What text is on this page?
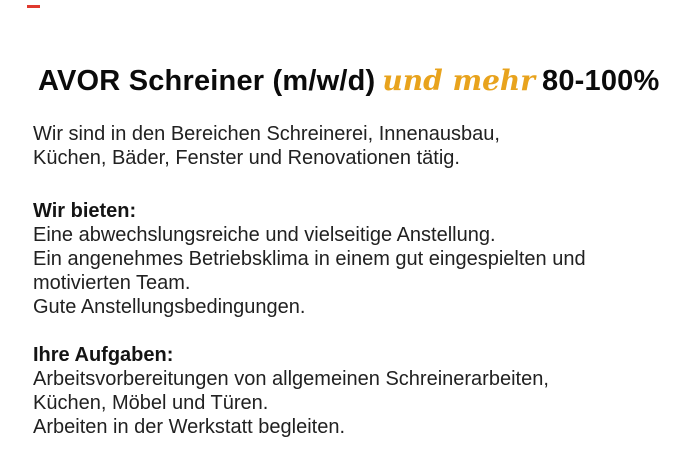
AVOR Schreiner (m/w/d) und mehr 80-100%
Wir sind in den Bereichen Schreinerei, Innenausbau,
Küchen, Bäder, Fenster und Renovationen tätig.
Wir bieten:
Eine abwechslungsreiche und vielseitige Anstellung.
Ein angenehmes Betriebsklima in einem gut eingespielten und
motivierten Team.
Gute Anstellungsbedingungen.
Ihre Aufgaben:
Arbeitsvorbereitungen von allgemeinen Schreinerarbeiten,
Küchen, Möbel und Türen.
Arbeiten in der Werkstatt begleiten.
